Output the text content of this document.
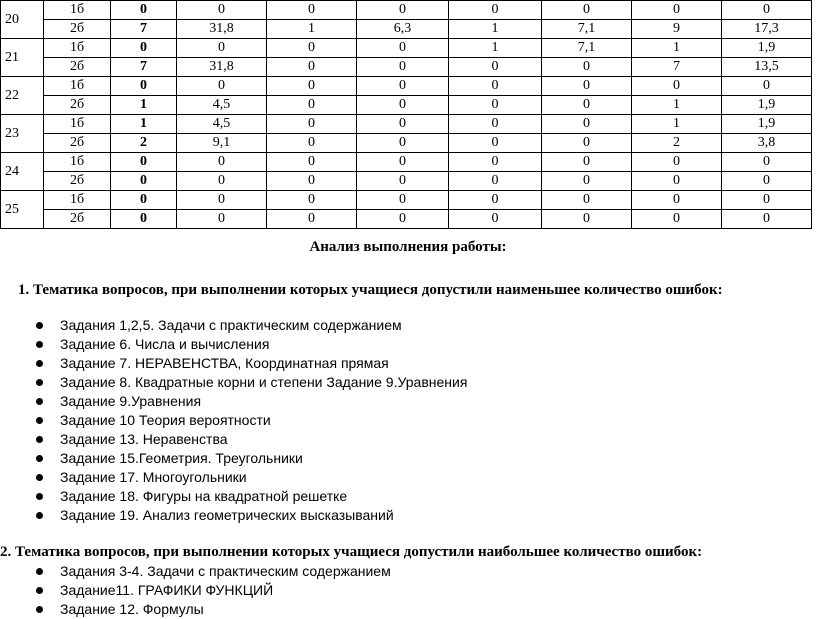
20	1б	0	0	0	0	0	0	0	0
	2б	7	31,8	1	6,3	1	7,1	9	17,3
21	1б	0	0	0	0	1	7,1	1	1,9
	2б	7	31,8	0	0	0	0	7	13,5
22	1б	0	0	0	0	0	0	0	0
	2б	1	4,5	0	0	0	0	1	1,9
23	1б	1	4,5	0	0	0	0	1	1,9
	2б	2	9,1	0	0	0	0	2	3,8
24	1б	0	0	0	0	0	0	0	0
	2б	0	0	0	0	0	0	0	0
25	1б	0	0	0	0	0	0	0	0
	2б	0	0	0	0	0	0	0	0
Анализ выполнения работы:
1. Тематика вопросов, при выполнении которых учащиеся допустили наименьшее количество ошибок:
Задания 1,2,5. Задачи с практическим содержанием
Задание 6. Числа и вычисления
Задание 7. НЕРАВЕНСТВА, Координатная прямая
Задание 8. Квадратные корни и степени Задание 9.Уравнения
Задание 9.Уравнения
Задание 10 Теория вероятности
Задание 13. Неравенства
Задание 15.Геометрия. Треугольники
Задание 17. Многоугольники
Задание 18. Фигуры на квадратной решетке
Задание 19. Анализ геометрических высказываний
2. Тематика вопросов, при выполнении которых учащиеся допустили наибольшее количество ошибок:
Задания 3-4. Задачи с практическим содержанием
Задание11. ГРАФИКИ ФУНКЦИЙ
Задание 12. Формулы
